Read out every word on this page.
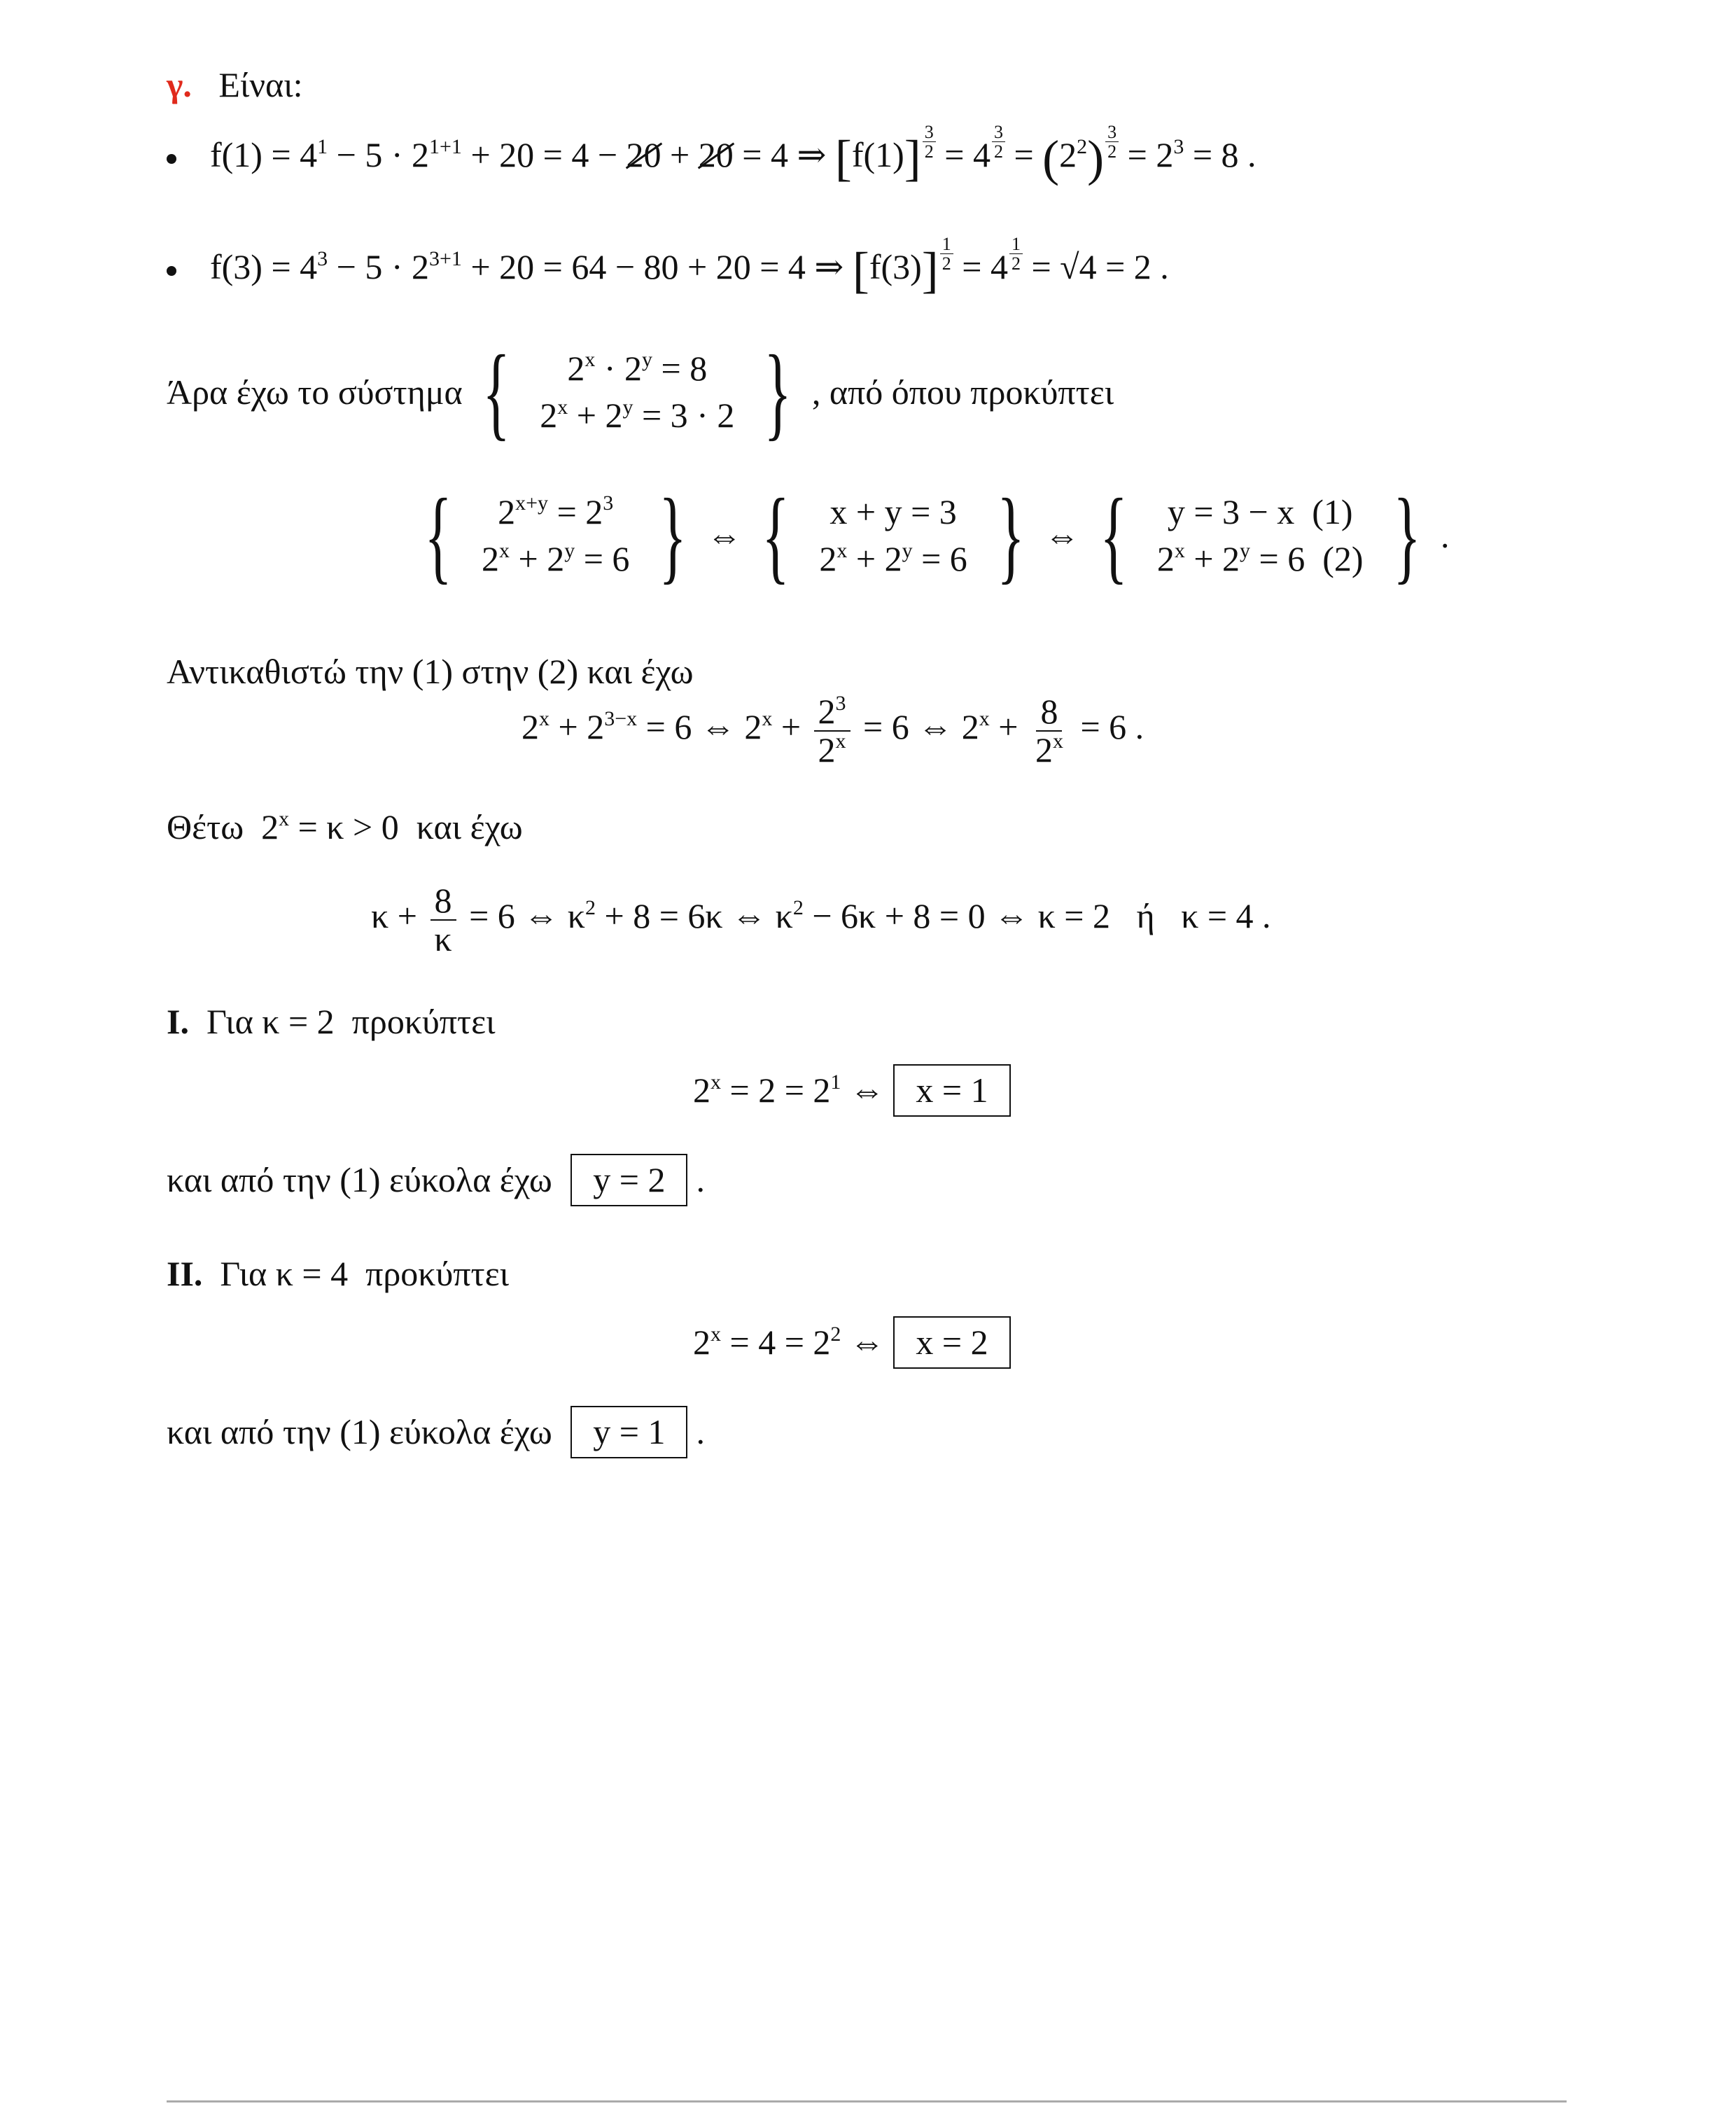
γ. Είναι:
$f(1) = 4^1 - 5 \cdot 2^{1+1} + 20 = 4 - 20 + 20 = 4$ ⇒ $[f(1)] \frac{3}{2} = 4 \frac{3}{2} = (2^2) \frac{3}{2} = 2^3 = 8$ .
$f(3) = 4^3 - 5 \cdot 2^{3+1} + 20 = 64 - 80 + 20 = 4$ ⇒ $[f(3)] \frac{1}{2} = 4 \frac{1}{2} = √4 = 2$ .
Άρα έχω το σύστημα { $2^x \cdot 2^y = 8$
$2^x + 2^y = 3 \cdot 2$ } , από όπου προκύπτει
{ $2^{x+y} = 2^3$
$2^x + 2^y = 6$ } ⇔ { x + y = 3
$2^x + 2^y = 6$ } ⇔ { y = 3 − x  (1)
$2^x + 2^y = 6$  (2) } .
Αντικαθιστώ την (1) στην (2) και έχω
$2^x + 2^{3-x} = 6$ ⇔ $2^x + \frac{2^3}{2^x} = 6$ ⇔ $2^x + \frac{8}{2^x} = 6$ .
Θέτω  $2^x = \kappa > 0$  και έχω
$\kappa + \frac{8}{\kappa} = 6$ ⇔ $\kappa^2 + 8 = 6\kappa$ ⇔ $\kappa^2 - 6\kappa + 8 = 0$ ⇔ κ = 2   ή   κ = 4 .
I. Για κ = 2  προκύπτει
$2^x = 2 = 2^1$ ⇔ x = 1
και από την (1) εύκολα έχω y = 2 .
II. Για κ = 4  προκύπτει
$2^x = 4 = 2^2$ ⇔ x = 2
και από την (1) εύκολα έχω y = 1 .
